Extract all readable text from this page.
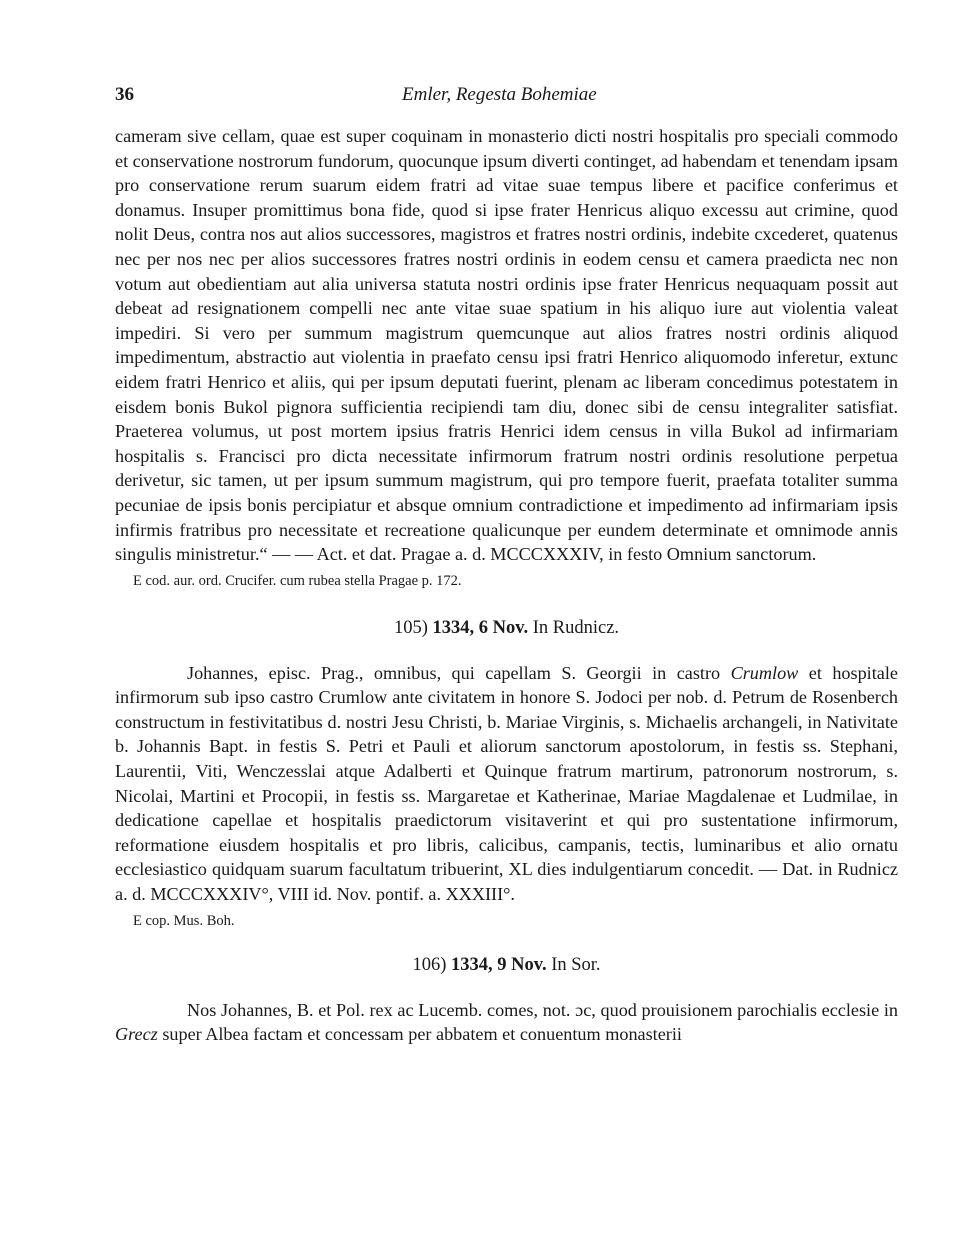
36	Emler, Regesta Bohemiae

cameram sive cellam, quae est super coquinam in monasterio dicti nostri hospitalis pro speciali commodo et conservatione nostrorum fundorum, quocunque ipsum diverti continget, ad habendam et tenendam ipsam pro conservatione rerum suarum eidem fratri ad vitae suae tempus libere et pacifice conferimus et donamus. Insuper promittimus bona fide, quod si ipse frater Henricus aliquo excessu aut crimine, quod nolit Deus, contra nos aut alios successores, magistros et fratres nostri ordinis, indebite cxcederet, quatenus nec per nos nec per alios successores fratres nostri ordinis in eodem censu et camera praedicta nec non votum aut obedientiam aut alia universa statuta nostri ordinis ipse frater Henricus nequaquam possit aut debeat ad resignationem compelli nec ante vitae suae spatium in his aliquo iure aut violentia valeat impediri. Si vero per summum magistrum quemcunque aut alios fratres nostri ordinis aliquod impedimentum, abstractio aut violentia in praefato censu ipsi fratri Henrico aliquomodo inferetur, extunc eidem fratri Henrico et aliis, qui per ipsum deputati fuerint, plenam ac liberam concedimus potestatem in eisdem bonis Bukol pignora sufficientia recipiendi tam diu, donec sibi de censu integraliter satisfiat. Praeterea volumus, ut post mortem ipsius fratris Henrici idem census in villa Bukol ad infirmariam hospitalis s. Francisci pro dicta necessitate infirmorum fratrum nostri ordinis resolutione perpetua derivetur, sic tamen, ut per ipsum summum magistrum, qui pro tempore fuerit, praefata totaliter summa pecuniae de ipsis bonis percipiatur et absque omnium contradictione et impedimento ad infirmariam ipsis infirmis fratribus pro necessitate et recreatione qualicunque per eundem determinate et omnimode annis singulis ministretur.“ — — Act. et dat. Pragae a. d. MCCCXXXIV, in festo Omnium sanctorum.

E cod. aur. ord. Crucifer. cum rubea stella Pragae p. 172.
105) 1334, 6 Nov. In Rudnicz.

Johannes, episc. Prag., omnibus, qui capellam S. Georgii in castro Crumlow et hospitale infirmorum sub ipso castro Crumlow ante civitatem in honore S. Jodoci per nob. d. Petrum de Rosenberch constructum in festivitatibus d. nostri Jesu Christi, b. Mariae Virginis, s. Michaelis archangeli, in Nativitate b. Johannis Bapt. in festis S. Petri et Pauli et aliorum sanctorum apostolorum, in festis ss. Stephani, Laurentii, Viti, Wenczesslai atque Adalberti et Quinque fratrum martirum, patronorum nostrorum, s. Nicolai, Martini et Procopii, in festis ss. Margaretae et Katherinae, Mariae Magdalenae et Ludmilae, in dedicatione capellae et hospitalis praedictorum visitaverint et qui pro sustentatione infirmorum, reformatione eiusdem hospitalis et pro libris, calicibus, campanis, tectis, luminaribus et alio ornatu ecclesiastico quidquam suarum facultatum tribuerint, XL dies indulgentiarum concedit. — Dat. in Rudnicz a. d. MCCCXXXIV°, VIII id. Nov. pontif. a. XXXIII°.

E cop. Mus. Boh.
106) 1334, 9 Nov. In Sor.

Nos Johannes, B. et Pol. rex ac Lucemb. comes, not. ɔc, quod prouisionem parochialis ecclesie in Grecz super Albea factam et concessam per abbatem et conuentum monasterii
